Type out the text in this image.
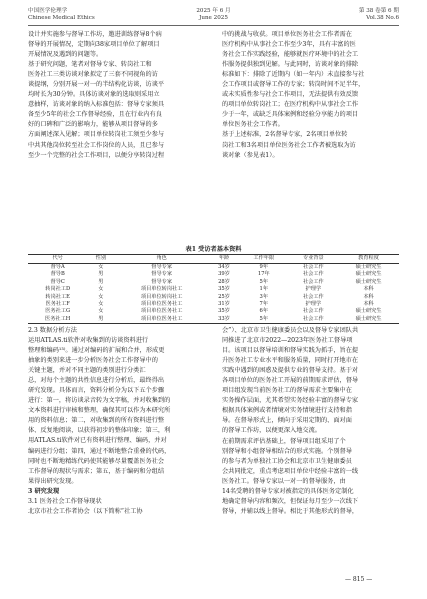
中国医学伦理学
Chinese Medical Ethics
2025 年 6 月
June 2025
第 38 卷第 6 期
Vol.38 No.6

设计并实施参与督导工作坊，邀进训练督导8个病
督导的开展情况，定期向38家项目单位了解项目
开展情况及遇到的问题等。
基于研究问题，笔者对督导专家、转岗社工和
医务社工三类访谈对象拟定了三套不同视角的访
谈提纲，分别开展一对一的半结构化访谈，访谈平
均时长为30分钟。具体访谈对象的选取则采用立
意抽样，访谈对象的纳入标准包括：督导专家须具
备至少5年的社会工作督导经验，且在行业内有良
好的口碑和广泛的影响力，能够从项目督导的多
方面阐述深入见解；项目单位转岗社工须至少参与
中共其他岗位转至社会工作岗位的人员，且已参与
至少一个完整的社会工作项目，以便分享转岗过程

中的挑战与收获。项目单位医务社会工作者需在
医疗机构中从事社会工作至少3年，具有丰富的医
务社会工作实践经验，能够就医疗环境中的社会工
作服务提供独到见解。与此同时，访谈对象的排除
标准如下：排除了近期内（如一年内）未直接参与社
会工作项目或督导工作的专家；转岗时间不足半年，
或未实质性参与社会工作项目，无法提供有效反馈
的项目单位转岗社工；在医疗机构中从事社会工作
少于一年，或缺乏具体案例和经验分享能力的项目
单位医务社会工作者。
基于上述标准，2名督导专家，2名项目单位转
岗社工和3名项目单位医务社会工作者被选取为访
谈对象（参见表1）。

表1 受访者基本资料
代号	性别	角色	年龄	工作年限	专业背景	教育程度
督导A	女	督导专家	34岁	9年	社会工作	硕士研究生
督导B	男	督导专家	39岁	17年	社会工作	硕士研究生
督导C	男	督导专家	28岁	5年	社会工作	硕士研究生
转岗社工D	女	项目单位转岗社工	35岁	1年	护理学	本科
转岗社工E	女	项目单位转岗社工	25岁	3年	社会工作	本科
医务社工F	女	项目单位医务社工	31岁	7年	护理学	本科
医务社工G	女	项目单位医务社工	35岁	6年	社会工作	硕士研究生
医务社工H	男	项目单位医务社工	33岁	5年	社会工作	硕士研究生

2.3 数据分析方法

运用ATLAS.ti软件对收集到的访谈资料进行
整理和编码¹³⁾。通过对编码的扩展和合并，形成更
抽象的类别来进一步分析医务社会工作督导中的
关键主题，并对不同主题的类别进行分类汇
总，对每个主题的共性信息进行分析后，最终得出
研究发现。具体而言，资料分析分为以下五个步骤
进行：第一，将访谈录音转为文字稿，并对收集到的
文本资料进行审核和整理，确保其可以作为本研究所
用的资料信息；第二，对收集到的所有资料进行整
体、反复地阅读，以获得初步的整体印象；第三，利
用ATLAS.ti软件对已有资料进行整理、编码，并对
编码进行分组；第四，通过不断地整合重叠的代码，
同时也不断地精练代码使其能够尽量覆盖医务社会
工作督导的现状与需求；第五，基于编码和分组结
果得出研究发现。

3 研究发现

3.1 医务社会工作督导现状

北京市社会工作者协会（以下简称“社工协

会”）、北京市卫生健康委员会以及督导专家团队共
同推进了北京市2022—2023年医务社工督导项
目。该项目以督导培训和督导实践为抓手，旨在提
升医务社工专业水平和服务质量，同时打开地市在
实践中遇到的困惑及提供专业的督导支持。基于对
各项目单位的医务社工开展的前期需求评估，督导
项目组发现当前医务社工的督导需求主要集中在
实务操作层面，尤其希望实务经验丰富的督导专家
根据具体案例或者情境对实务情境进行支持和指
导。在督导形式上，倾向于采用定期的、面对面
的督导工作坊，以便更深入地交流。
在前期需求评估基础上，督导项目组采用了个
别督导和小组督导相结合的形式实施。个别督导
的参与者为单独社工协会和北京市卫生健康委员
会共同批定，重点考虑项目单位中经验丰富的一线
医务社工。督导专家以一对一的督导服务，由
14名受聘的督导专家对被指定的具体医务定制化
地确定督导内容和频次，但保证每月至少一次线下
督导，并辅以线上督导。相比于其他形式的督导，

— 815 —
